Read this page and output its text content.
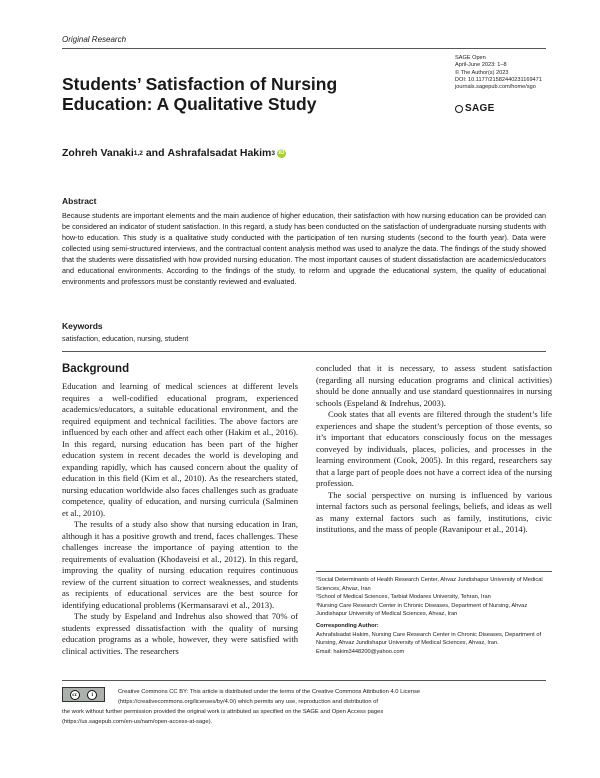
Original Research
Students’ Satisfaction of Nursing
Education: A Qualitative Study
SAGE Open
April-June 2023: 1–8
© The Author(s) 2023
DOI: 10.1177/21582440231169471
journals.sagepub.com/home/sgo
SAGE
Zohreh Vanaki 1,2 and Ashrafalsadat Hakim 3 iD
Abstract
Because students are important elements and the main audience of higher education, their satisfaction with how nursing education can be provided can be considered an indicator of student satisfaction. In this regard, a study has been conducted on the satisfaction of undergraduate nursing students with how-to education. This study is a qualitative study conducted with the participation of ten nursing students (second to the fourth year). Data were collected using semi-structured interviews, and the contractual content analysis method was used to analyze the data. The findings of the study showed that the students were dissatisfied with how provided nursing education. The most important causes of student dissatisfaction are academics/educators and educational environments. According to the findings of the study, to reform and upgrade the educational system, the quality of educational environments and professors must be constantly reviewed and evaluated.
Keywords
satisfaction, education, nursing, student
Background

Education and learning of medical sciences at different levels requires a well-codified educational program, experienced academics/educators, a suitable educational environment, and the required equipment and technical facilities. The above factors are influenced by each other and affect each other (Hakim et al., 2016). In this regard, nursing education has been part of the higher education system in recent decades the world is developing and expanding rapidly, which has caused concern about the quality of education in this field (Kim et al., 2010). As the researchers stated, nursing education worldwide also faces challenges such as graduate competence, quality of education, and nursing curricula (Salminen et al., 2010).

The results of a study also show that nursing education in Iran, although it has a positive growth and trend, faces challenges. These challenges increase the importance of paying attention to the requirements of evaluation (Khodaveisi et al., 2012). In this regard, improving the quality of nursing education requires continuous review of the current situation to correct weaknesses, and students as recipients of educational services are the best source for identifying educational problems (Kermansaravi et al., 2013).

The study by Espeland and Indrehus also showed that 70% of students expressed dissatisfaction with the quality of nursing education programs as a whole, however, they were satisfied with clinical activities. The researchers

concluded that it is necessary, to assess student satisfaction (regarding all nursing education programs and clinical activities) should be done annually and use standard questionnaires in nursing schools (Espeland & Indrehus, 2003).

Cook states that all events are filtered through the student’s life experiences and shape the student’s perception of those events, so it’s important that educators consciously focus on the messages conveyed by individuals, places, policies, and processes in the learning environment (Cook, 2005). In this regard, researchers say that a large part of people does not have a correct idea of the nursing profession.

The social perspective on nursing is influenced by various internal factors such as personal feelings, beliefs, and ideas as well as many external factors such as family, institutions, civic institutions, and the mass of people (Ravanipour et al., 2014).

¹Social Determinants of Health Research Center, Ahvaz Jundishapur University of Medical Sciences, Ahvaz, Iran

²School of Medical Sciences, Tarbiat Modares University, Tehran, Iran

³Nursing Care Research Center in Chronic Diseases, Department of Nursing, Ahvaz Jundishapur University of Medical Sciences, Ahvaz, Iran

Corresponding Author:

Ashrafalsadat Hakim, Nursing Care Research Center in Chronic Diseases, Department of Nursing, Ahvaz Jundishapur University of Medical Sciences, Ahvaz, Iran.

Email: hakim3448200@yahoo.com

cc	i	Creative Commons CC BY: This article is distributed under the terms of the Creative Commons Attribution 4.0 License
(https://creativecommons.org/licenses/by/4.0/) which permits any use, reproduction and distribution of
the work without further permission provided the original work is attributed as specified on the SAGE and Open Access pages
(https://us.sagepub.com/en-us/nam/open-access-at-sage).
